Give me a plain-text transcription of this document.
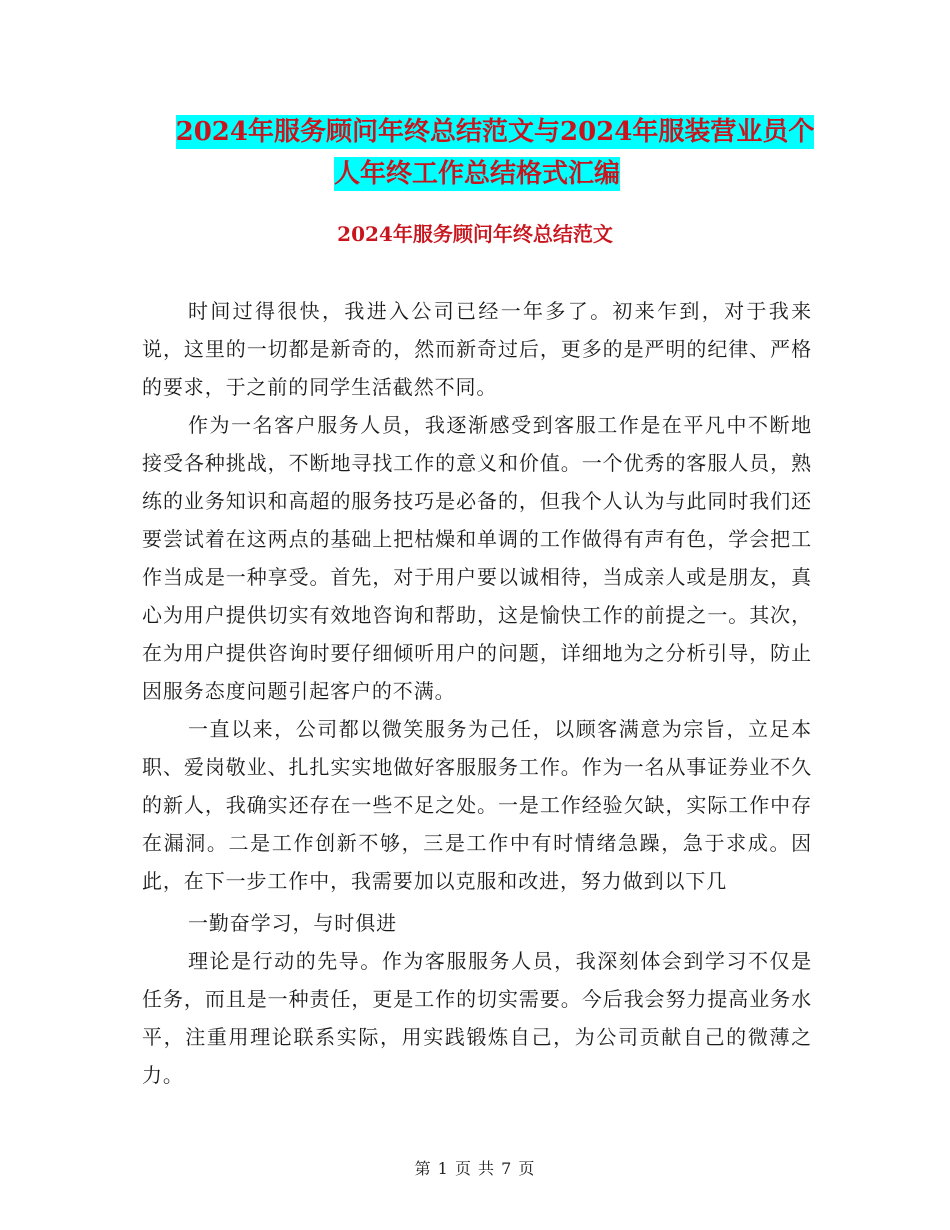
2024年服务顾问年终总结范文与2024年服装营业员个
人年终工作总结格式汇编
2024年服务顾问年终总结范文

时间过得很快，我进入公司已经一年多了。初来乍到，对于我来说，这里的一切都是新奇的，然而新奇过后，更多的是严明的纪律、严格的要求，于之前的同学生活截然不同。

作为一名客户服务人员，我逐渐感受到客服工作是在平凡中不断地接受各种挑战，不断地寻找工作的意义和价值。一个优秀的客服人员，熟练的业务知识和高超的服务技巧是必备的，但我个人认为与此同时我们还要尝试着在这两点的基础上把枯燥和单调的工作做得有声有色，学会把工作当成是一种享受。首先，对于用户要以诚相待，当成亲人或是朋友，真心为用户提供切实有效地咨询和帮助，这是愉快工作的前提之一。其次，在为用户提供咨询时要仔细倾听用户的问题，详细地为之分析引导，防止因服务态度问题引起客户的不满。

一直以来，公司都以微笑服务为己任，以顾客满意为宗旨，立足本职、爱岗敬业、扎扎实实地做好客服服务工作。作为一名从事证券业不久的新人，我确实还存在一些不足之处。一是工作经验欠缺，实际工作中存在漏洞。二是工作创新不够，三是工作中有时情绪急躁，急于求成。因此，在下一步工作中，我需要加以克服和改进，努力做到以下几

一勤奋学习，与时俱进

理论是行动的先导。作为客服服务人员，我深刻体会到学习不仅是任务，而且是一种责任，更是工作的切实需要。今后我会努力提高业务水平，注重用理论联系实际，用实践锻炼自己，为公司贡献自己的微薄之力。

第 1 页 共 7 页
